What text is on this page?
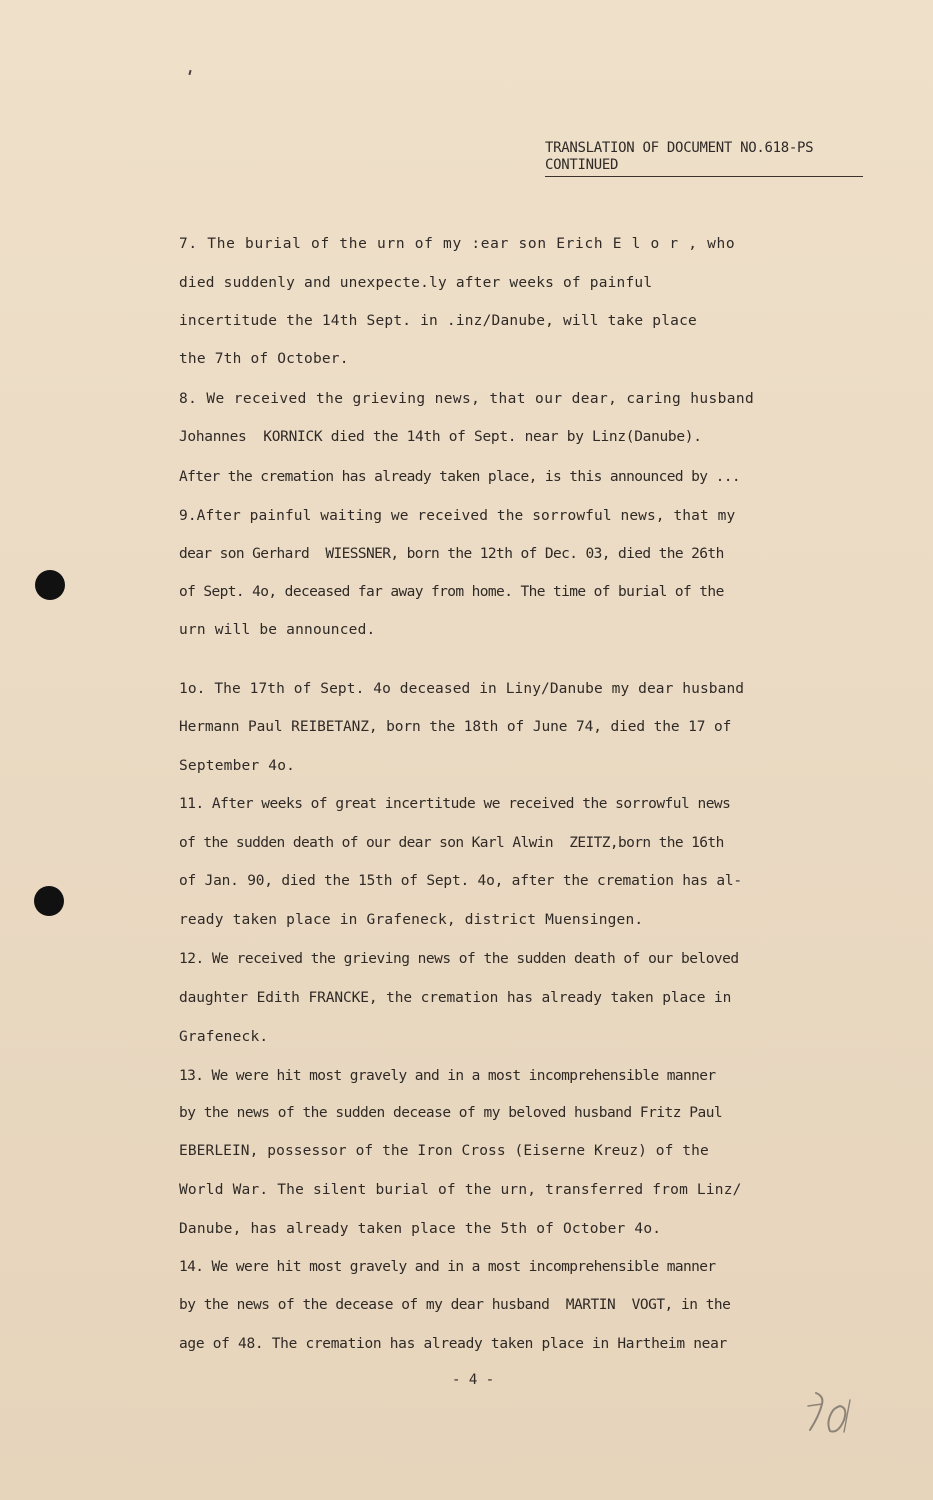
TRANSLATION OF DOCUMENT NO.618-PS
CONTINUED
7. The burial of the urn of my :ear son Erich E l o r , who
died suddenly and unexpecte.ly after weeks of painful
incertitude the 14th Sept. in .inz/Danube, will take place
the 7th of October.
8. We received the grieving news, that our dear, caring husband
Johannes  KORNICK died the 14th of Sept. near by Linz(Danube).
After the cremation has already taken place, is this announced by ...
9.After painful waiting we received the sorrowful news, that my
dear son Gerhard  WIESSNER, born the 12th of Dec. 03, died the 26th
of Sept. 4o, deceased far away from home. The time of burial of the
urn will be announced.
1o. The 17th of Sept. 4o deceased in Liny/Danube my dear husband
Hermann Paul REIBETANZ, born the 18th of June 74, died the 17 of
September 4o.
11. After weeks of great incertitude we received the sorrowful news
of the sudden death of our dear son Karl Alwin  ZEITZ,born the 16th
of Jan. 90, died the 15th of Sept. 4o, after the cremation has al-
ready taken place in Grafeneck, district Muensingen.
12. We received the grieving news of the sudden death of our beloved
daughter Edith FRANCKE, the cremation has already taken place in
Grafeneck.
13. We were hit most gravely and in a most incomprehensible manner
by the news of the sudden decease of my beloved husband Fritz Paul
EBERLEIN, possessor of the Iron Cross (Eiserne Kreuz) of the
World War. The silent burial of the urn, transferred from Linz/
Danube, has already taken place the 5th of October 4o.
14. We were hit most gravely and in a most incomprehensible manner
by the news of the decease of my dear husband  MARTIN  VOGT, in the
age of 48. The cremation has already taken place in Hartheim near
- 4 -
